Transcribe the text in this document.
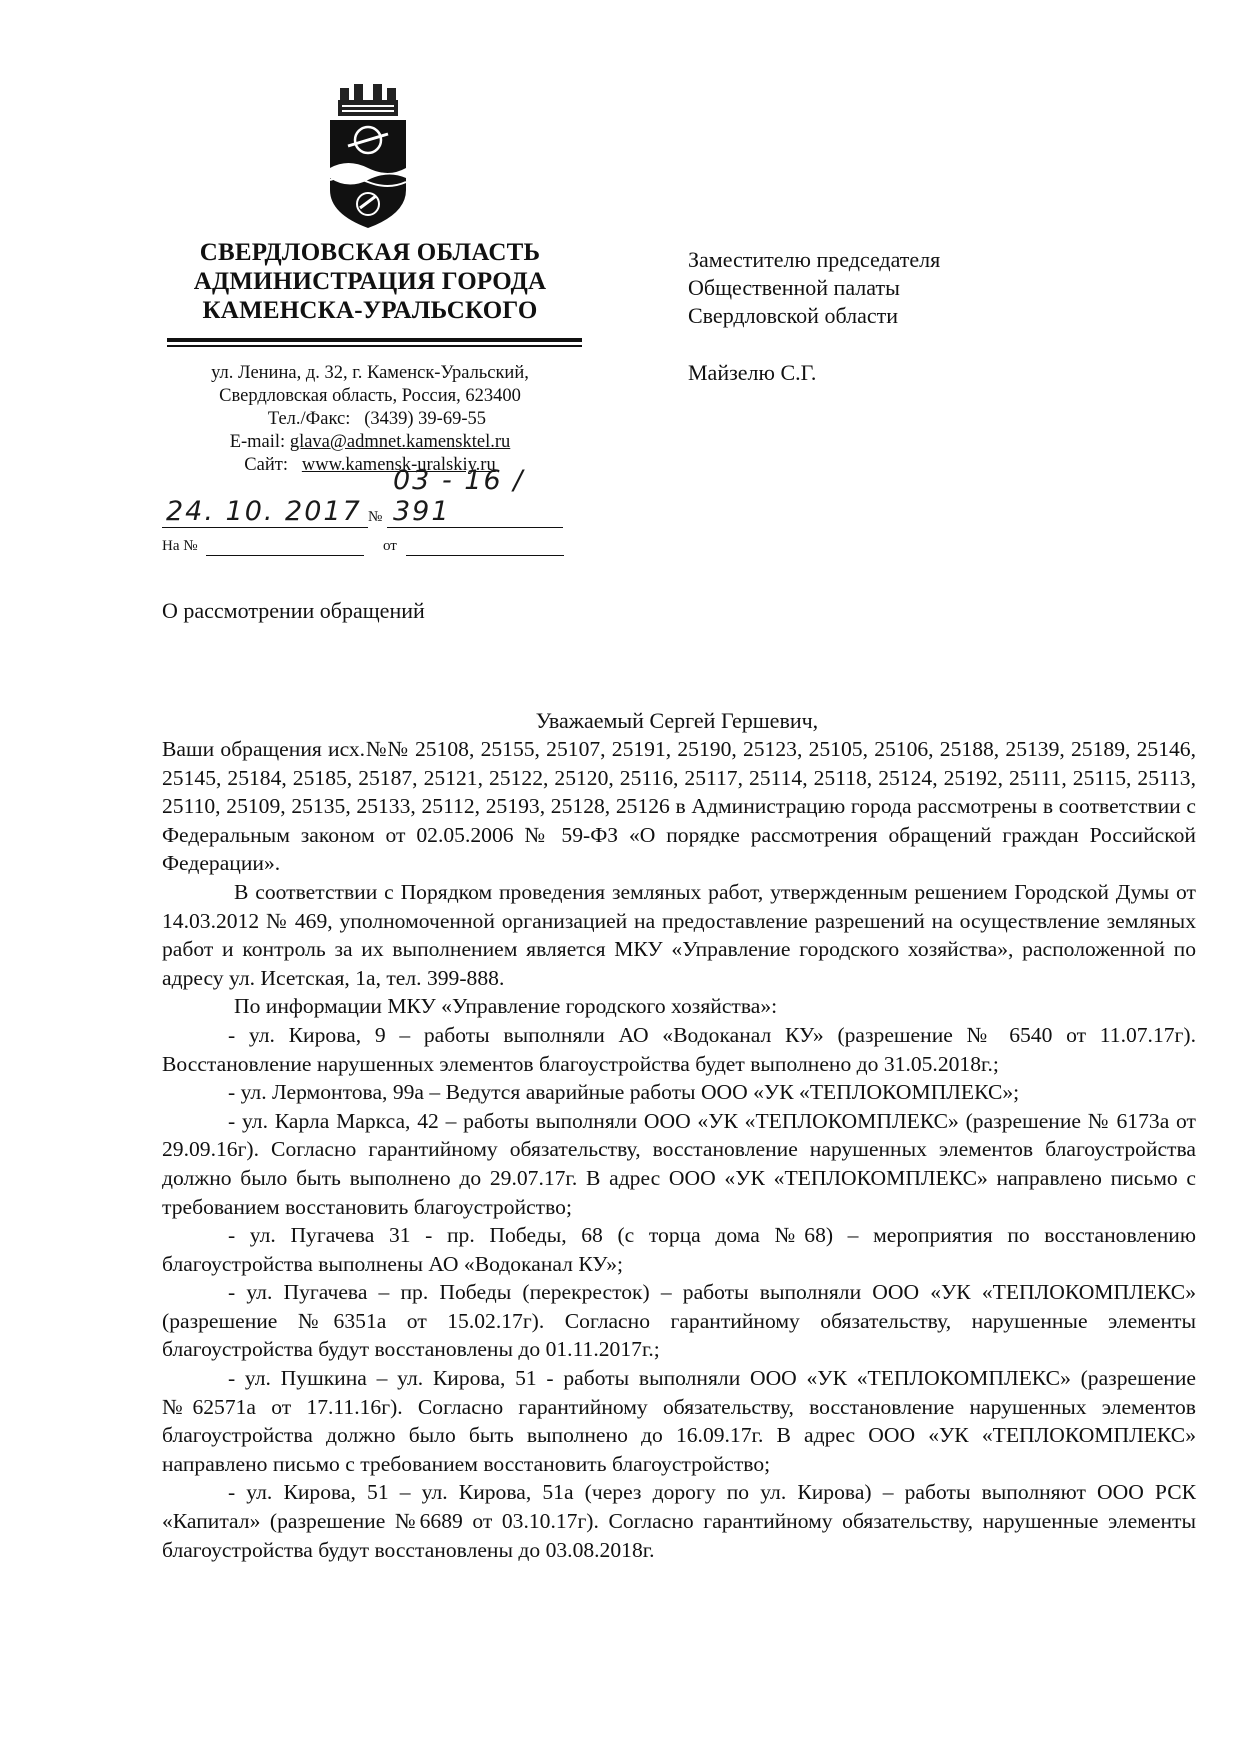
СВЕРДЛОВСКАЯ ОБЛАСТЬ
АДМИНИСТРАЦИЯ ГОРОДА
КАМЕНСКА-УРАЛЬСКОГО
ул. Ленина, д. 32, г. Каменск-Уральский,
Свердловская область, Россия, 623400
Тел./Факс: (3439) 39-69-55
E-mail: glava@admnet.kamensktel.ru
Сайт: www.kamensk-uralskiy.ru
24. 10. 2017 №
03 - 16 / 391
На №	от
Заместителю председателя
Общественной палаты
Свердловской области
Майзелю С.Г.
О рассмотрении обращений
Уважаемый Сергей Гершевич,

Ваши обращения исх.№№ 25108, 25155, 25107, 25191, 25190, 25123, 25105, 25106, 25188, 25139, 25189, 25146, 25145, 25184, 25185, 25187, 25121, 25122, 25120, 25116, 25117, 25114, 25118, 25124, 25192, 25111, 25115, 25113, 25110, 25109, 25135, 25133, 25112, 25193, 25128, 25126 в Администрацию города рассмотрены в соответствии с Федеральным законом от 02.05.2006 № 59-ФЗ «О порядке рассмотрения обращений граждан Российской Федерации».

В соответствии с Порядком проведения земляных работ, утвержденным решением Городской Думы от 14.03.2012 № 469, уполномоченной организацией на предоставление разрешений на осуществление земляных работ и контроль за их выполнением является МКУ «Управление городского хозяйства», расположенной по адресу ул. Исетская, 1а, тел. 399-888.

По информации МКУ «Управление городского хозяйства»:

- ул. Кирова, 9 – работы выполняли АО «Водоканал КУ» (разрешение № 6540 от 11.07.17г). Восстановление нарушенных элементов благоустройства будет выполнено до 31.05.2018г.;

- ул. Лермонтова, 99а – Ведутся аварийные работы ООО «УК «ТЕПЛОКОМПЛЕКС»;

- ул. Карла Маркса, 42 – работы выполняли ООО «УК «ТЕПЛОКОМПЛЕКС» (разрешение № 6173а от 29.09.16г). Согласно гарантийному обязательству, восстановление нарушенных элементов благоустройства должно было быть выполнено до 29.07.17г. В адрес ООО «УК «ТЕПЛОКОМПЛЕКС» направлено письмо с требованием восстановить благоустройство;

- ул. Пугачева 31 - пр. Победы, 68 (с торца дома №68) – мероприятия по восстановлению благоустройства выполнены АО «Водоканал КУ»;

- ул. Пугачева – пр. Победы (перекресток) – работы выполняли ООО «УК «ТЕПЛОКОМПЛЕКС» (разрешение №6351а от 15.02.17г). Согласно гарантийному обязательству, нарушенные элементы благоустройства будут восстановлены до 01.11.2017г.;

- ул. Пушкина – ул. Кирова, 51 - работы выполняли ООО «УК «ТЕПЛОКОМПЛЕКС» (разрешение №62571а от 17.11.16г). Согласно гарантийному обязательству, восстановление нарушенных элементов благоустройства должно было быть выполнено до 16.09.17г. В адрес ООО «УК «ТЕПЛОКОМПЛЕКС» направлено письмо с требованием восстановить благоустройство;

- ул. Кирова, 51 – ул. Кирова, 51а (через дорогу по ул. Кирова) – работы выполняют ООО РСК «Капитал» (разрешение №6689 от 03.10.17г). Согласно гарантийному обязательству, нарушенные элементы благоустройства будут восстановлены до 03.08.2018г.
